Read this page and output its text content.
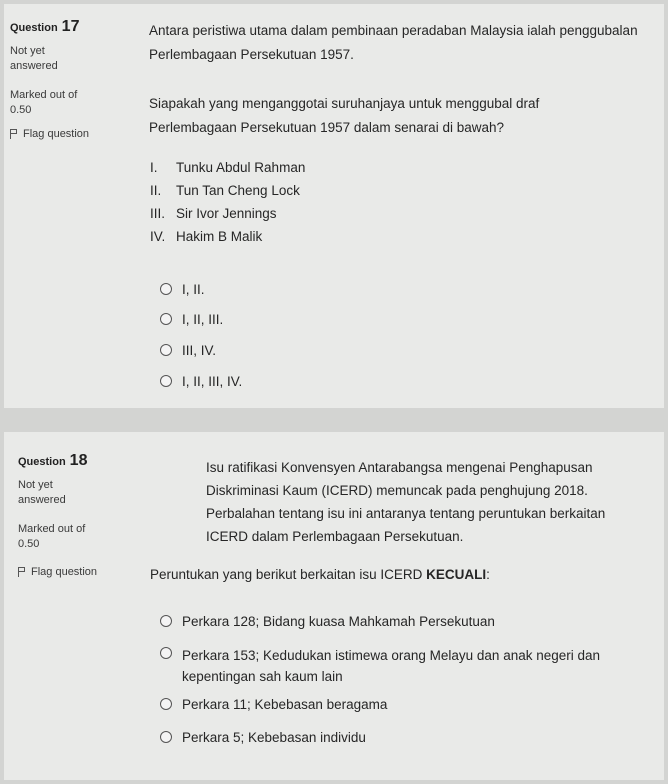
Question 17
Not yet answered
Marked out of
0.50
Flag question

Antara peristiwa utama dalam pembinaan peradaban Malaysia ialah penggubalan Perlembagaan Persekutuan 1957.

Siapakah yang menganggotai suruhanjaya untuk menggubal draf Perlembagaan Persekutuan 1957 dalam senarai di bawah?

I.	Tunku Abdul Rahman
II.	Tun Tan Cheng Lock
III. Sir Ivor Jennings
IV. Hakim B Malik
I, II.
I, II, III.
III, IV.
I, II, III, IV.
Question 18
Not yet answered
Marked out of
0.50
Flag question

Isu ratifikasi Konvensyen Antarabangsa mengenai Penghapusan Diskriminasi Kaum (ICERD) memuncak pada penghujung 2018. Perbalahan tentang isu ini antaranya tentang peruntukan berkaitan ICERD dalam Perlembagaan Persekutuan.

Peruntukan yang berikut berkaitan isu ICERD KECUALI:
Perkara 128; Bidang kuasa Mahkamah Persekutuan
Perkara 153; Kedudukan istimewa orang Melayu dan anak negeri dan kepentingan sah kaum lain
Perkara 11; Kebebasan beragama
Perkara 5; Kebebasan individu
